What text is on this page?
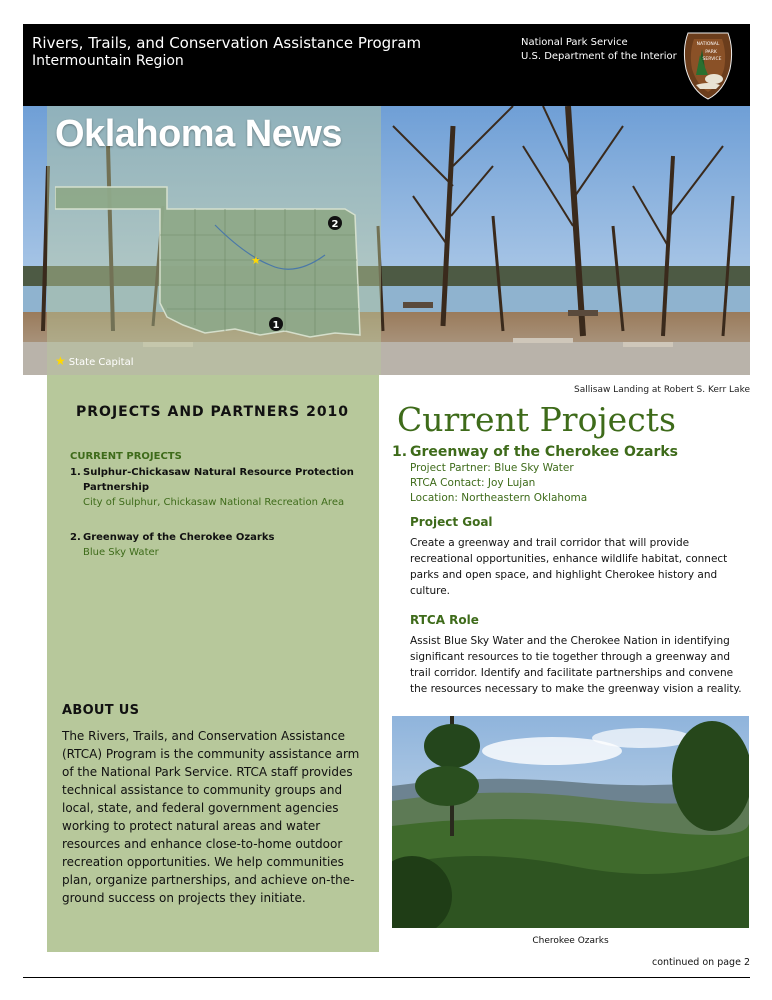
Rivers, Trails, and Conservation Assistance Program
Intermountain Region
National Park Service
U.S. Department of the Interior
NATIONAL
PARK
SERVICE
Oklahoma News
★
2
1
★ State Capital
Sallisaw Landing at Robert S. Kerr Lake
PROJECTS AND PARTNERS 2010
CURRENT PROJECTS
1. Sulphur-Chickasaw Natural Resource Protection Partnership
City of Sulphur, Chickasaw National Recreation Area
2. Greenway of the Cherokee Ozarks
Blue Sky Water
ABOUT US
The Rivers, Trails, and Conservation Assistance (RTCA) Program is the community assistance arm of the National Park Service. RTCA staff provides technical assistance to community groups and local, state, and federal government agencies working to protect natural areas and water resources and enhance close-to-home outdoor recreation opportunities. We help communities plan, organize partnerships, and achieve on-the-ground success on projects they initiate.
Current Projects
1. Greenway of the Cherokee Ozarks
Project Partner: Blue Sky Water
RTCA Contact: Joy Lujan
Location: Northeastern Oklahoma
Project Goal
Create a greenway and trail corridor that will provide recreational opportunities, enhance wildlife habitat, connect parks and open space, and highlight Cherokee history and culture.
RTCA Role
Assist Blue Sky Water and the Cherokee Nation in identifying significant resources to tie together through a greenway and trail corridor. Identify and facilitate partnerships and convene the resources necessary to make the greenway vision a reality.
Cherokee Ozarks
continued on page 2
